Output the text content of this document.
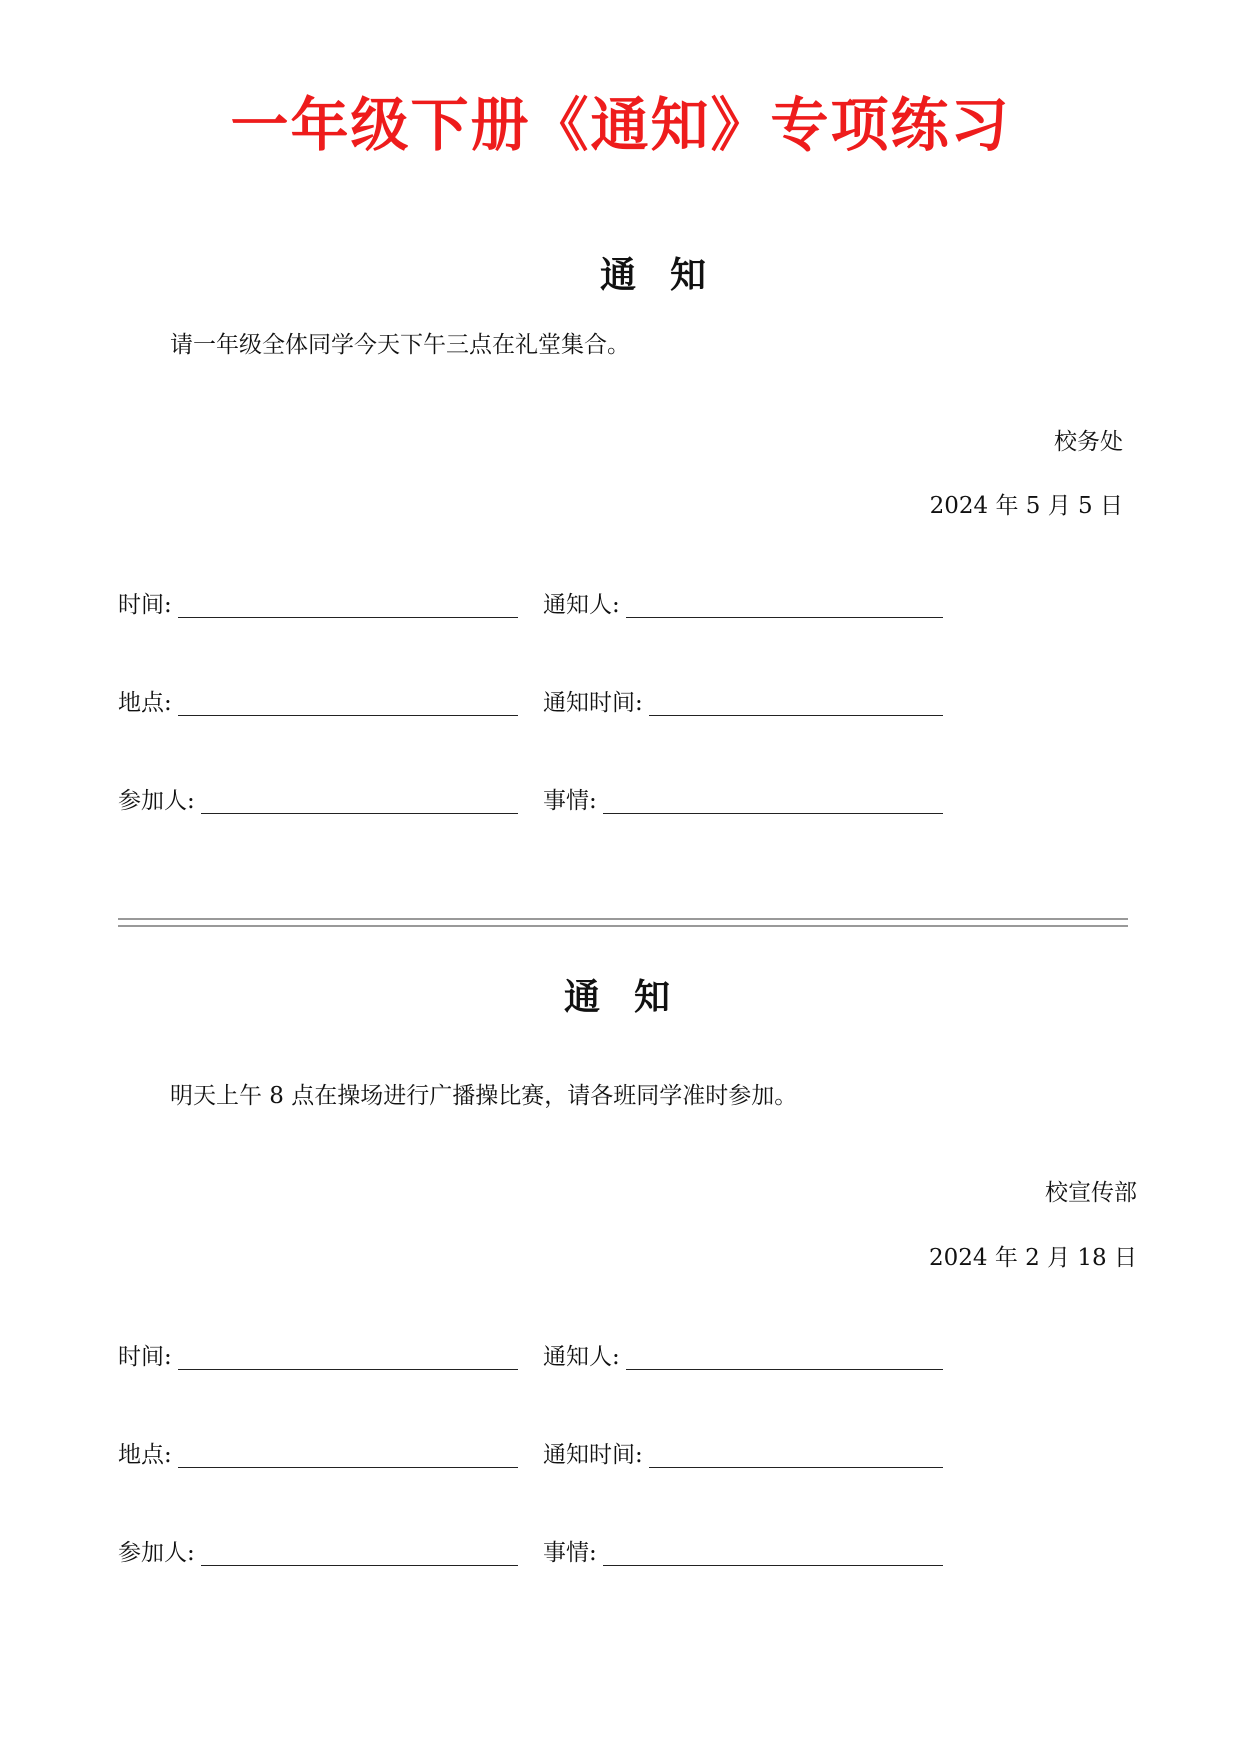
一年级下册《通知》专项练习
通知
请一年级全体同学今天下午三点在礼堂集合。
校务处
2024 年 5 月 5 日
时间:	通知人:
地点:	通知时间:
参加人:	事情:
通知
明天上午 8 点在操场进行广播操比赛，请各班同学准时参加。
校宣传部
2024 年 2 月 18 日
时间:	通知人:
地点:	通知时间:
参加人:	事情:
